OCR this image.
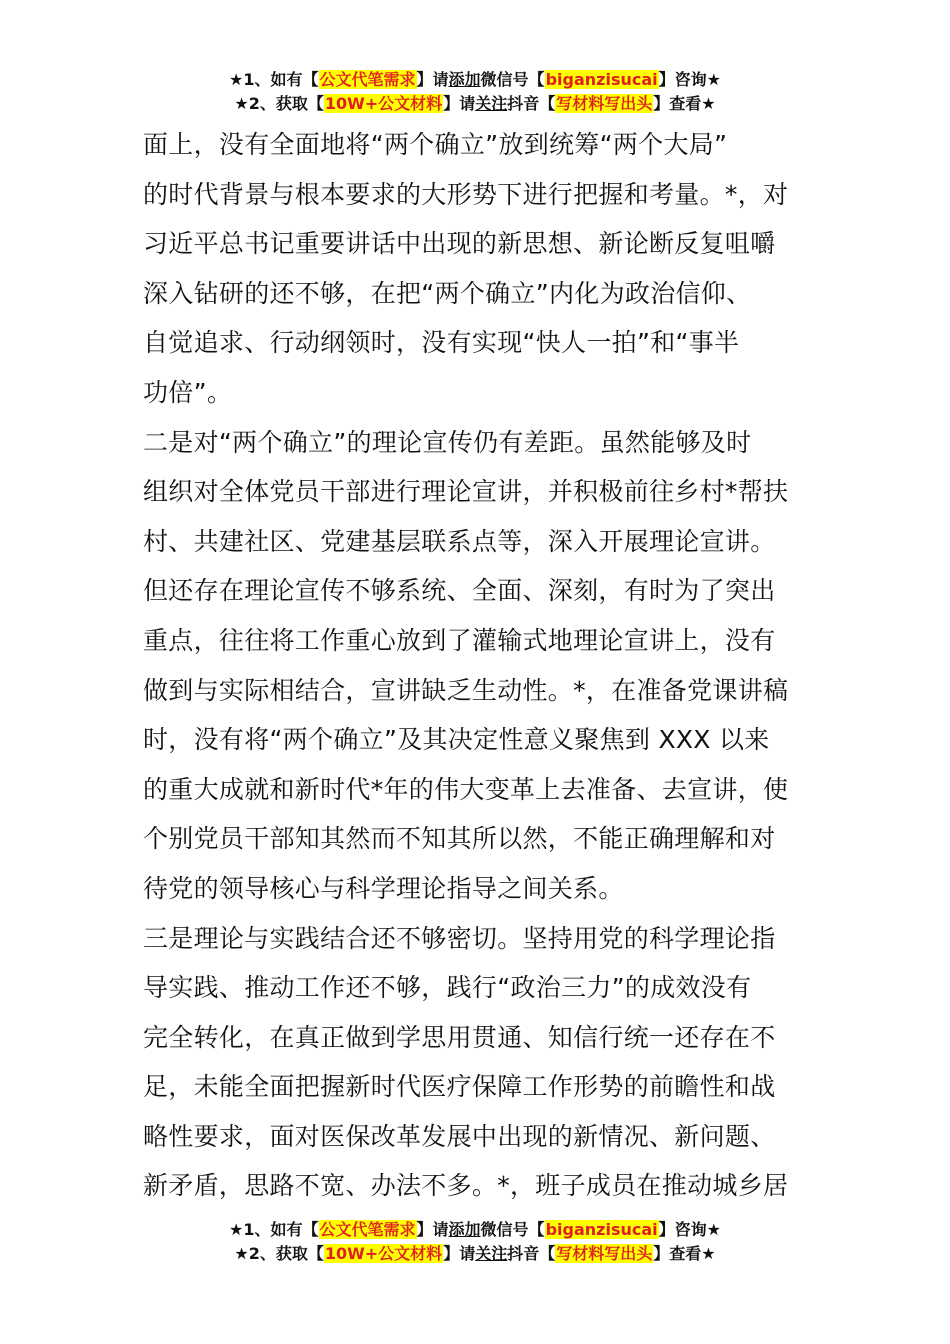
★1、如有【公文代笔需求】请添加微信号【biganzisucai】咨询★
★2、获取【10W+公文材料】请关注抖音【写材料写出头】查看★

面上，没有全面地将“两个确立”放到统筹“两个大局”
的时代背景与根本要求的大形势下进行把握和考量。*，对
习近平总书记重要讲话中出现的新思想、新论断反复咀嚼
深入钻研的还不够，在把“两个确立”内化为政治信仰、
自觉追求、行动纲领时，没有实现“快人一拍”和“事半
功倍”。

二是对“两个确立”的理论宣传仍有差距。虽然能够及时
组织对全体党员干部进行理论宣讲，并积极前往乡村*帮扶
村、共建社区、党建基层联系点等，深入开展理论宣讲。
但还存在理论宣传不够系统、全面、深刻，有时为了突出
重点，往往将工作重心放到了灌输式地理论宣讲上，没有
做到与实际相结合，宣讲缺乏生动性。*，在准备党课讲稿
时，没有将“两个确立”及其决定性意义聚焦到 XXX 以来
的重大成就和新时代*年的伟大变革上去准备、去宣讲，使
个别党员干部知其然而不知其所以然，不能正确理解和对
待党的领导核心与科学理论指导之间关系。

三是理论与实践结合还不够密切。坚持用党的科学理论指
导实践、推动工作还不够，践行“政治三力”的成效没有
完全转化，在真正做到学思用贯通、知信行统一还存在不
足，未能全面把握新时代医疗保障工作形势的前瞻性和战
略性要求，面对医保改革发展中出现的新情况、新问题、
新矛盾，思路不宽、办法不多。*，班子成员在推动城乡居

★1、如有【公文代笔需求】请添加微信号【biganzisucai】咨询★
★2、获取【10W+公文材料】请关注抖音【写材料写出头】查看★
